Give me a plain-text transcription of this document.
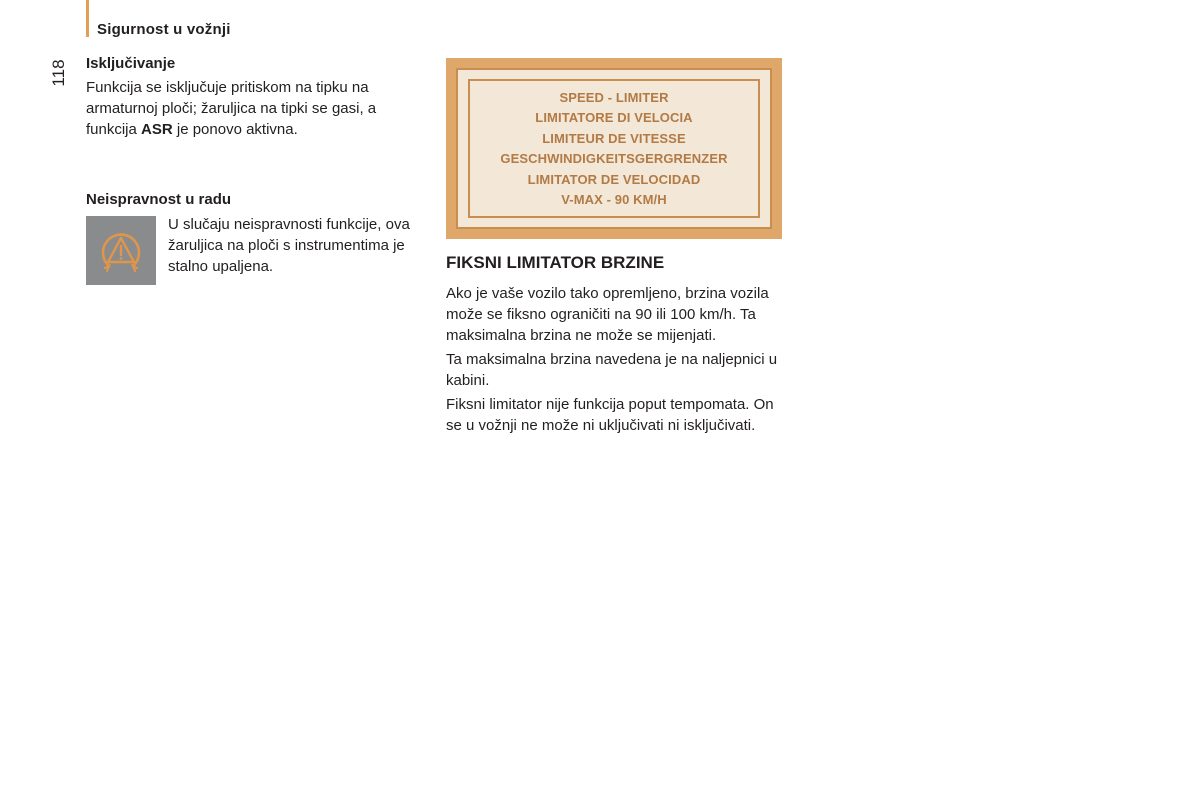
Sigurnost u vožnji
118	Isključivanje

Funkcija se isključuje pritiskom na tipku na armaturnoj ploči; žaruljica na tipki se gasi, a funkcija ASR je ponovo aktivna.

Neispravnost u radu

U slučaju neispravnosti funkcije, ova žaruljica na ploči s instrumentima je stalno upaljena.

SPEED - LIMITER
LIMITATORE DI VELOCIA
LIMITEUR DE VITESSE
GESCHWINDIGKEITSGERGRENZER
LIMITATOR DE VELOCIDAD
V-MAX - 90 KM/H
FIKSNI LIMITATOR BRZINE

Ako je vaše vozilo tako opremljeno, brzina vozila može se fiksno ograničiti na 90 ili 100 km/h. Ta maksimalna brzina ne može se mijenjati.

Ta maksimalna brzina navedena je na naljepnici u kabini.

Fiksni limitator nije funkcija poput tempomata. On se u vožnji ne može ni uključivati ni isključivati.
